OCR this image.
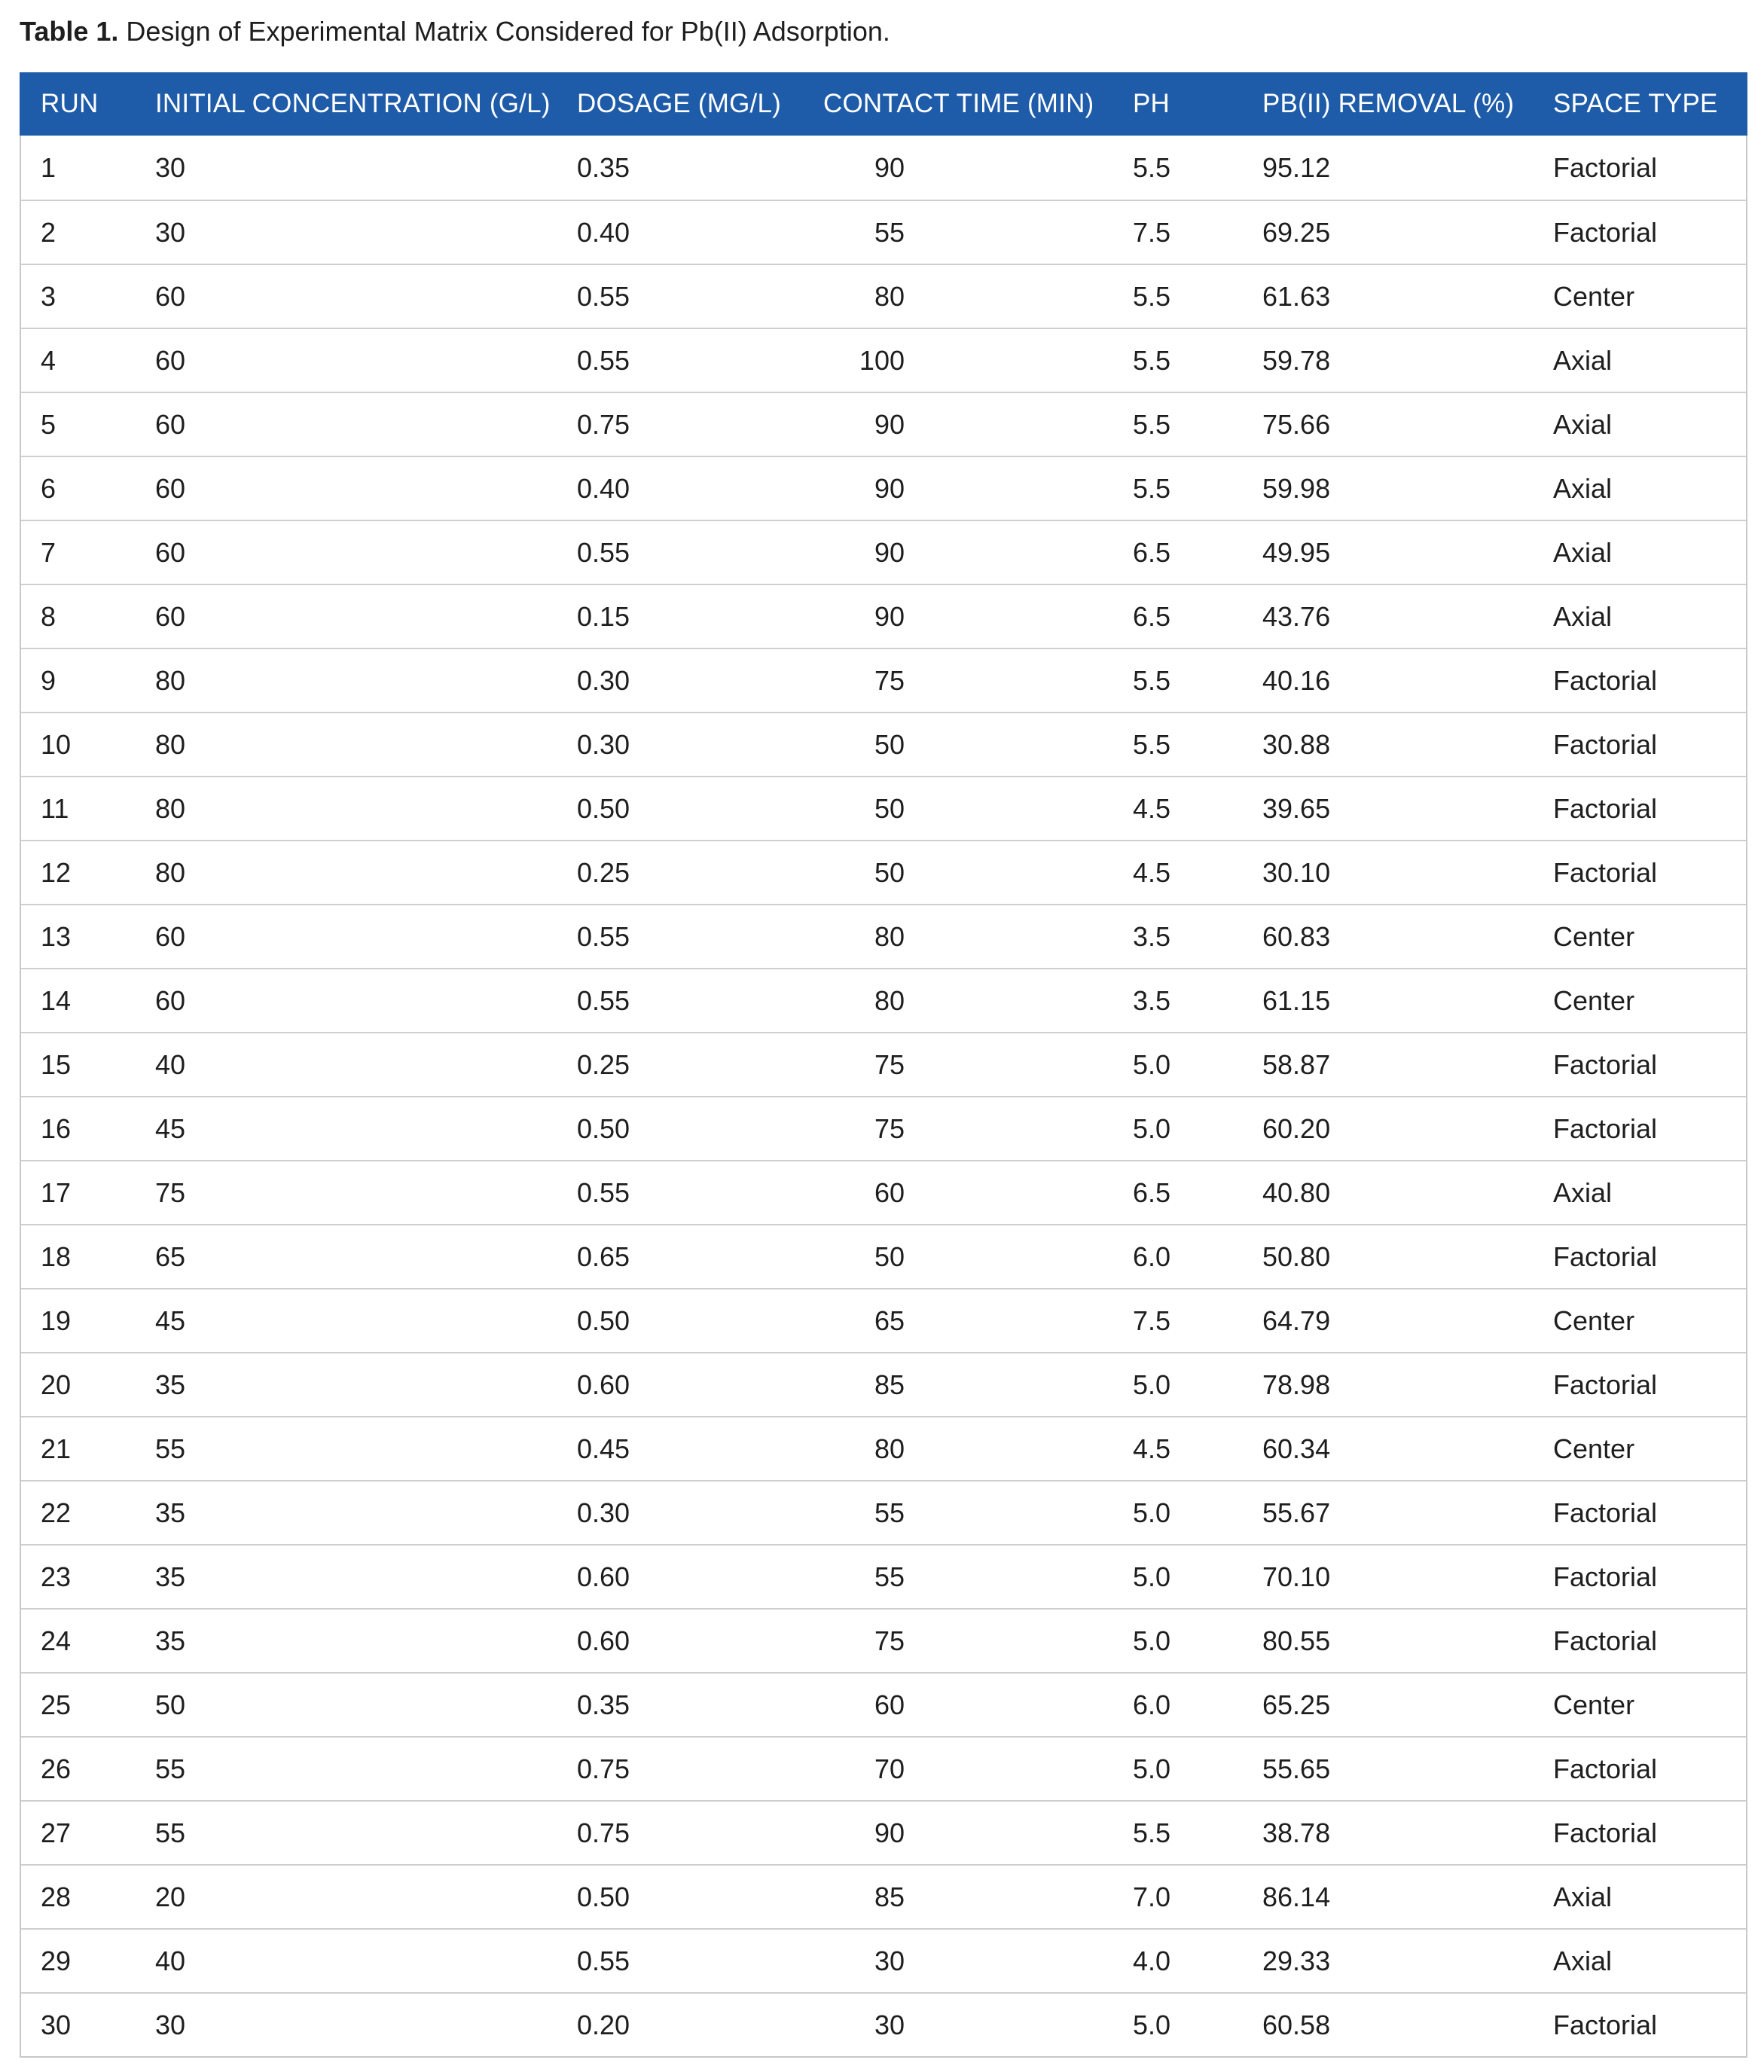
Table 1. Design of Experimental Matrix Considered for Pb(II) Adsorption.
RUN	INITIAL CONCENTRATION (G/L)	DOSAGE (MG/L)	CONTACT TIME (MIN)	PH	PB(II) REMOVAL (%)	SPACE TYPE
1	30	0.35	90	5.5	95.12	Factorial
2	30	0.40	55	7.5	69.25	Factorial
3	60	0.55	80	5.5	61.63	Center
4	60	0.55	100	5.5	59.78	Axial
5	60	0.75	90	5.5	75.66	Axial
6	60	0.40	90	5.5	59.98	Axial
7	60	0.55	90	6.5	49.95	Axial
8	60	0.15	90	6.5	43.76	Axial
9	80	0.30	75	5.5	40.16	Factorial
10	80	0.30	50	5.5	30.88	Factorial
11	80	0.50	50	4.5	39.65	Factorial
12	80	0.25	50	4.5	30.10	Factorial
13	60	0.55	80	3.5	60.83	Center
14	60	0.55	80	3.5	61.15	Center
15	40	0.25	75	5.0	58.87	Factorial
16	45	0.50	75	5.0	60.20	Factorial
17	75	0.55	60	6.5	40.80	Axial
18	65	0.65	50	6.0	50.80	Factorial
19	45	0.50	65	7.5	64.79	Center
20	35	0.60	85	5.0	78.98	Factorial
21	55	0.45	80	4.5	60.34	Center
22	35	0.30	55	5.0	55.67	Factorial
23	35	0.60	55	5.0	70.10	Factorial
24	35	0.60	75	5.0	80.55	Factorial
25	50	0.35	60	6.0	65.25	Center
26	55	0.75	70	5.0	55.65	Factorial
27	55	0.75	90	5.5	38.78	Factorial
28	20	0.50	85	7.0	86.14	Axial
29	40	0.55	30	4.0	29.33	Axial
30	30	0.20	30	5.0	60.58	Factorial
